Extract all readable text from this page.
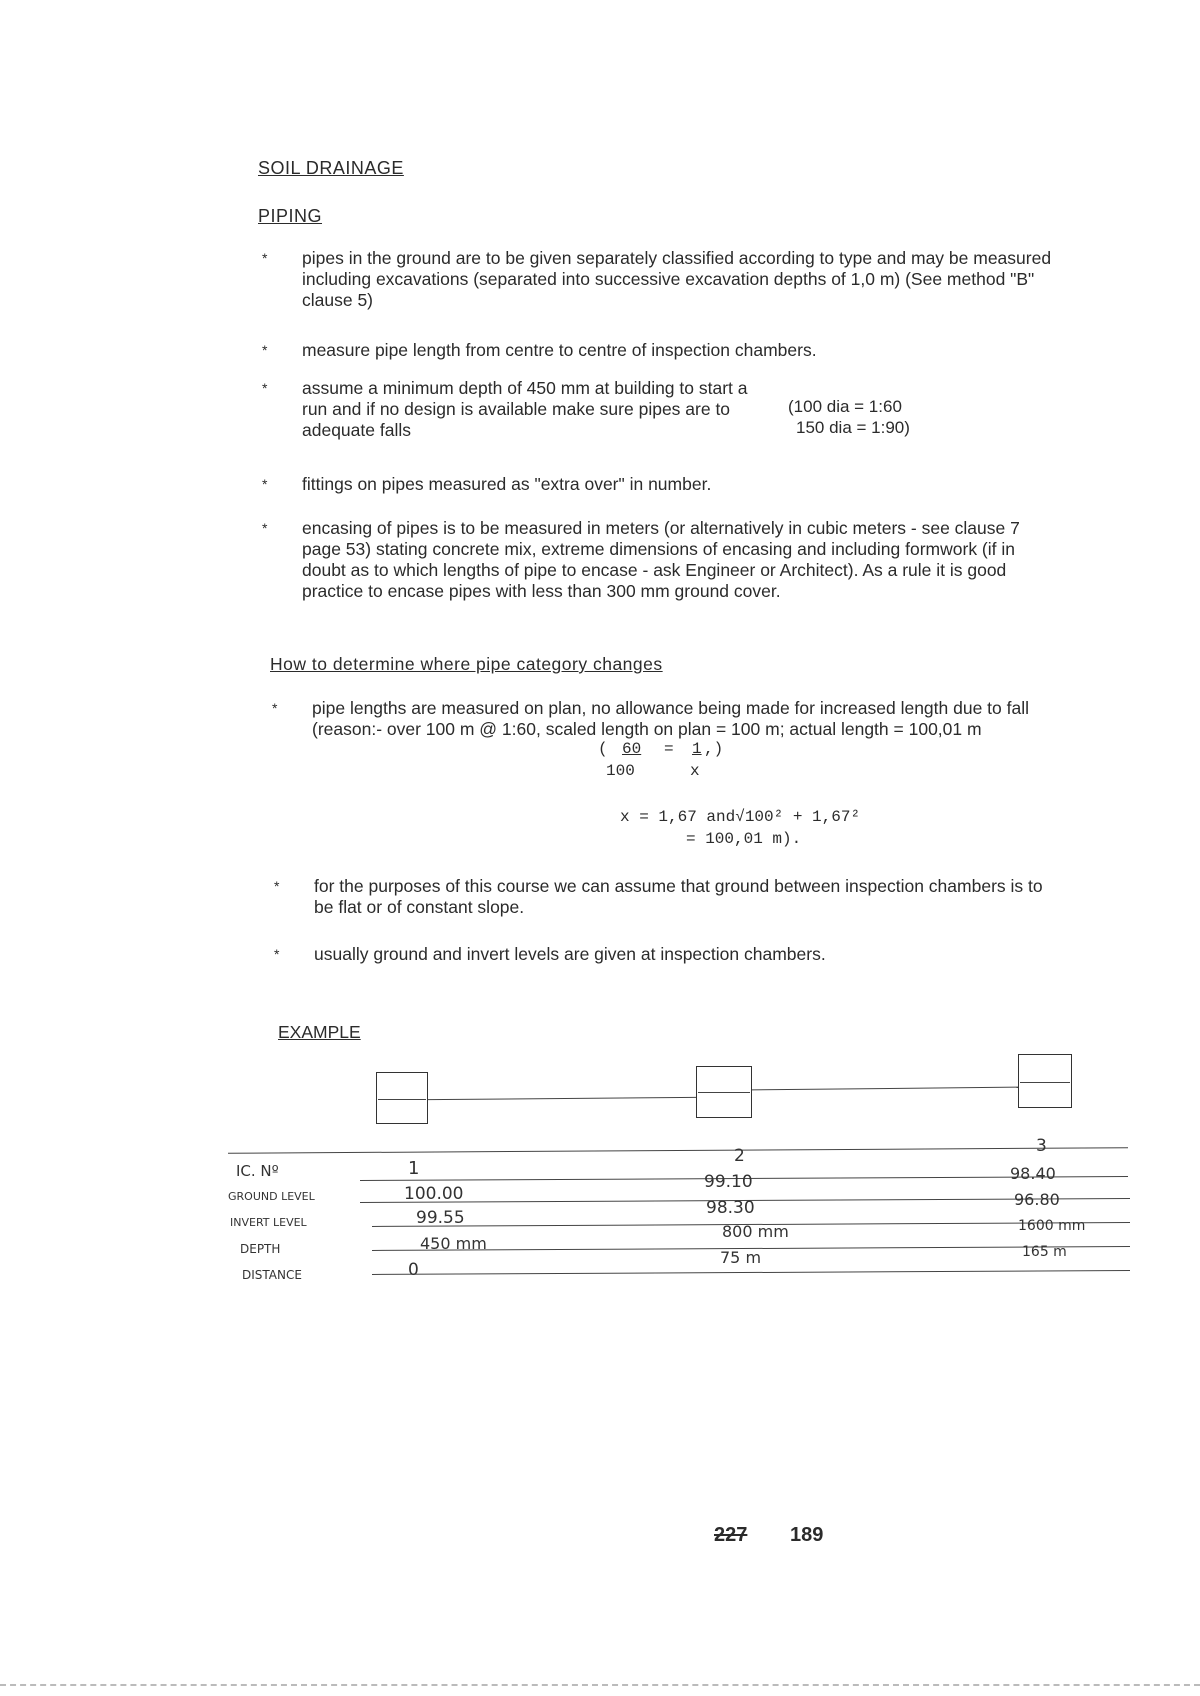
SOIL DRAINAGE
PIPING
* pipes in the ground are to be given separately classified according to type and may be measured including excavations (separated into successive excavation depths of 1,0 m) (See method "B" clause 5)
* measure pipe length from centre to centre of inspection chambers.
* assume a minimum depth of 450 mm at building to start a run and if no design is available make sure pipes are to adequate falls
(100 dia = 1:60
150 dia = 1:90)
* fittings on pipes measured as "extra over" in number.
* encasing of pipes is to be measured in meters (or alternatively in cubic meters - see clause 7 page 53) stating concrete mix, extreme dimensions of encasing and including formwork (if in doubt as to which lengths of pipe to encase - ask Engineer or Architect). As a rule it is good practice to encase pipes with less than 300 mm ground cover.
How to determine where pipe category changes
* pipe lengths are measured on plan, no allowance being made for increased length due to fall (reason:- over 100 m @ 1:60, scaled length on plan = 100 m; actual length = 100,01 m
( 60 = 1 ,)
100	x
x = 1,67 and√100² + 1,67²
= 100,01 m).
* for the purposes of this course we can assume that ground between inspection chambers is to be flat or of constant slope.
* usually ground and invert levels are given at inspection chambers.
EXAMPLE
IC. Nº
GROUND LEVEL
INVERT LEVEL
DEPTH
DISTANCE
1
100.00
99.55
450 mm
0
2
99.10
98.30
800 mm
75 m
3
98.40
96.80
1600 mm
165 m
227 189
